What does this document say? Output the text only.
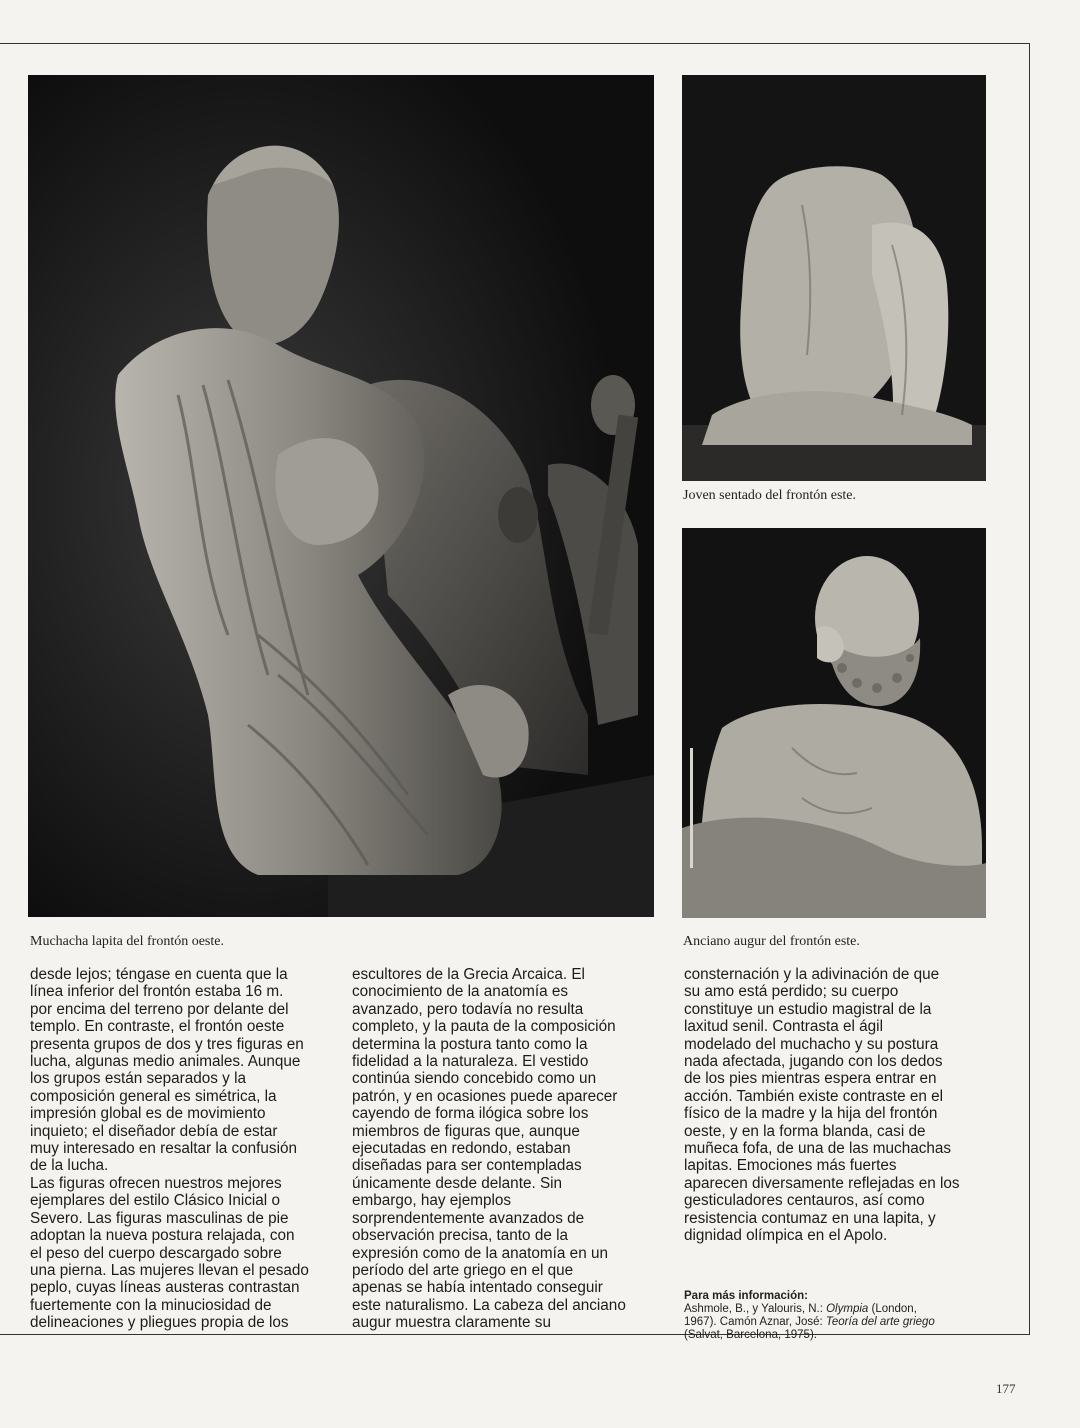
Muchacha lapita del frontón oeste.
Joven sentado del frontón este.
Anciano augur del frontón este.
desde lejos; téngase en cuenta que la
línea inferior del frontón estaba 16 m.
por encima del terreno por delante del
templo. En contraste, el frontón oeste
presenta grupos de dos y tres figuras en
lucha, algunas medio animales. Aunque
los grupos están separados y la
composición general es simétrica, la
impresión global es de movimiento
inquieto; el diseñador debía de estar
muy interesado en resaltar la confusión
de la lucha.
Las figuras ofrecen nuestros mejores
ejemplares del estilo Clásico Inicial o
Severo. Las figuras masculinas de pie
adoptan la nueva postura relajada, con
el peso del cuerpo descargado sobre
una pierna. Las mujeres llevan el pesado
peplo, cuyas líneas austeras contrastan
fuertemente con la minuciosidad de
delineaciones y pliegues propia de los
escultores de la Grecia Arcaica. El
conocimiento de la anatomía es
avanzado, pero todavía no resulta
completo, y la pauta de la composición
determina la postura tanto como la
fidelidad a la naturaleza. El vestido
continúa siendo concebido como un
patrón, y en ocasiones puede aparecer
cayendo de forma ilógica sobre los
miembros de figuras que, aunque
ejecutadas en redondo, estaban
diseñadas para ser contempladas
únicamente desde delante. Sin
embargo, hay ejemplos
sorprendentemente avanzados de
observación precisa, tanto de la
expresión como de la anatomía en un
período del arte griego en el que
apenas se había intentado conseguir
este naturalismo. La cabeza del anciano
augur muestra claramente su
consternación y la adivinación de que
su amo está perdido; su cuerpo
constituye un estudio magistral de la
laxitud senil. Contrasta el ágil
modelado del muchacho y su postura
nada afectada, jugando con los dedos
de los pies mientras espera entrar en
acción. También existe contraste en el
físico de la madre y la hija del frontón
oeste, y en la forma blanda, casi de
muñeca fofa, de una de las muchachas
lapitas. Emociones más fuertes
aparecen diversamente reflejadas en los
gesticuladores centauros, así como
resistencia contumaz en una lapita, y
dignidad olímpica en el Apolo.
Para más información:
Ashmole, B., y Yalouris, N.: Olympia (London,
1967). Camón Aznar, José: Teoría del arte griego
(Salvat, Barcelona, 1975).
177
